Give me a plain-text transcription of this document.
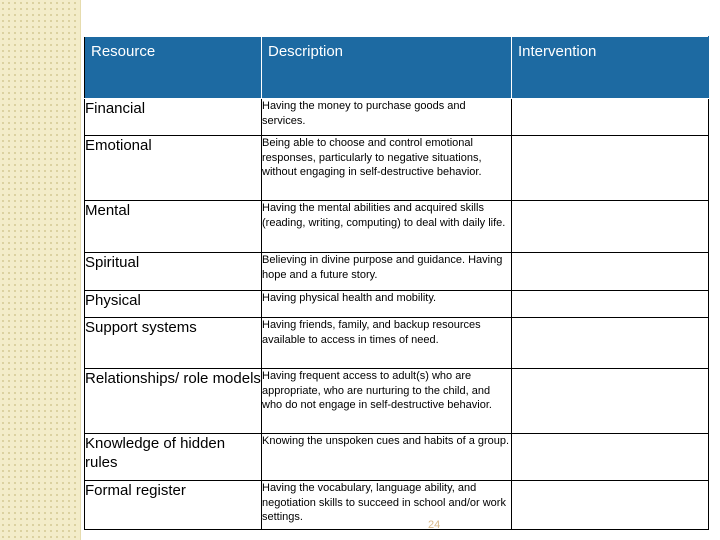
Resource	Description	Intervention
Financial	Having the money to purchase goods and services.	
Emotional	Being able to choose and control emotional responses, particularly to negative situations, without engaging in self-destructive behavior.	
Mental	Having the mental abilities and acquired skills (reading, writing, computing) to deal with daily life.	
Spiritual	Believing in divine purpose and guidance. Having hope and a future story.	
Physical	Having physical health and mobility.	
Support systems	Having friends, family, and backup resources available to access in times of need.	
Relationships/ role models	Having frequent access to adult(s) who are appropriate, who are nurturing to the child, and who do not engage in self-destructive behavior.	
Knowledge of hidden rules	Knowing the unspoken cues and habits of a group.	
Formal register	Having the vocabulary, language ability, and negotiation skills to succeed in school and/or work settings.	
24
